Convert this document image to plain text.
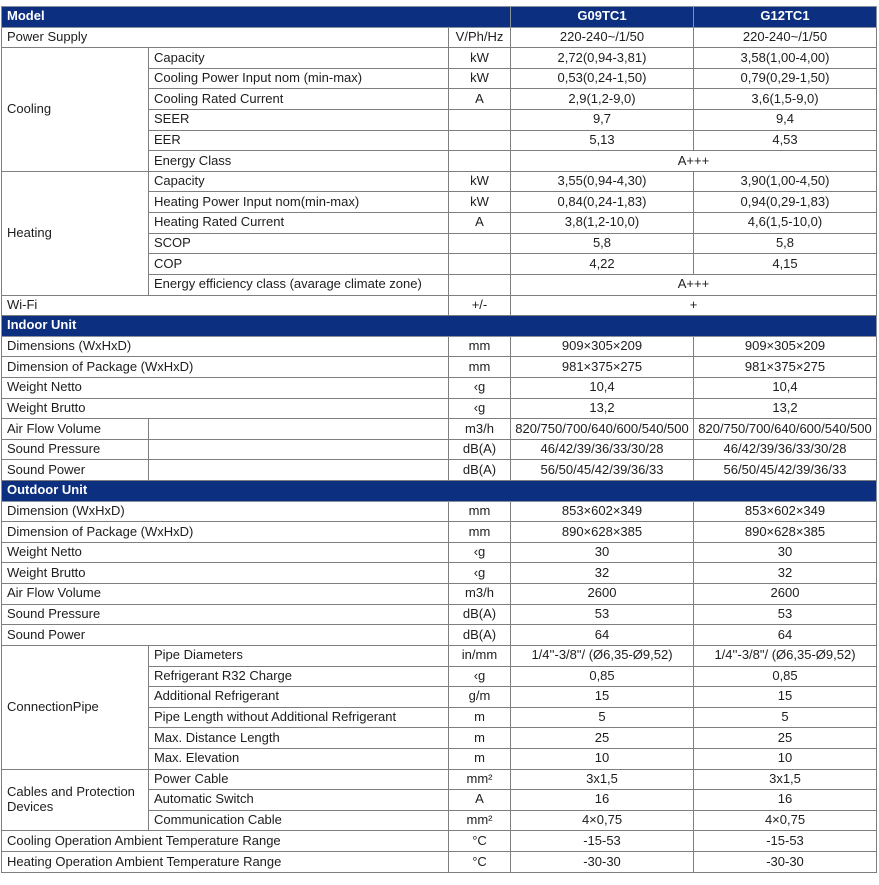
Model			G09TC1	G12TC1
Power Supply		V/Ph/Hz	220-240~/1/50	220-240~/1/50
Cooling	Capacity	kW	2,72(0,94-3,81)	3,58(1,00-4,00)
	Cooling Power Input nom (min-max)	kW	0,53(0,24-1,50)	0,79(0,29-1,50)
	Cooling Rated Current	A	2,9(1,2-9,0)	3,6(1,5-9,0)
	SEER		9,7	9,4
	EER		5,13	4,53
	Energy Class		A+++	
Heating	Capacity	kW	3,55(0,94-4,30)	3,90(1,00-4,50)
	Heating Power Input nom(min-max)	kW	0,84(0,24-1,83)	0,94(0,29-1,83)
	Heating Rated Current	A	3,8(1,2-10,0)	4,6(1,5-10,0)
	SCOP		5,8	5,8
	COP		4,22	4,15
	Energy efficiency class (avarage climate zone)		A+++	
Wi-Fi		+/-	+	
Indoor Unit				
Dimensions (WxHxD)		mm	909×305×209	909×305×209
Dimension of Package (WxHxD)		mm	981×375×275	981×375×275
Weight Netto		‹g	10,4	10,4
Weight Brutto		‹g	13,2	13,2
Air Flow Volume		m3/h	820/750/700/640/600/540/500	820/750/700/640/600/540/500
Sound Pressure		dB(A)	46/42/39/36/33/30/28	46/42/39/36/33/30/28
Sound Power		dB(A)	56/50/45/42/39/36/33	56/50/45/42/39/36/33
Outdoor Unit				
Dimension (WxHxD)		mm	853×602×349	853×602×349
Dimension of Package (WxHxD)		mm	890×628×385	890×628×385
Weight Netto		‹g	30	30
Weight Brutto		‹g	32	32
Air Flow Volume		m3/h	2600	2600
Sound Pressure		dB(A)	53	53
Sound Power		dB(A)	64	64
ConnectionPipe	Pipe Diameters	in/mm	1/4''-3/8"/ (Ø6,35-Ø9,52)	1/4''-3/8"/ (Ø6,35-Ø9,52)
	Refrigerant R32 Charge	‹g	0,85	0,85
	Additional Refrigerant	g/m	15	15
	Pipe Length without Additional Refrigerant	m	5	5
	Max. Distance Length	m	25	25
	Max. Elevation	m	10	10
Cables and Protection Devices	Power Cable	mm²	3x1,5	3x1,5
	Automatic Switch	A	16	16
	Communication Cable	mm²	4×0,75	4×0,75
Cooling Operation Ambient Temperature Range		°C	-15-53	-15-53
Heating Operation Ambient Temperature Range		°C	-30-30	-30-30
